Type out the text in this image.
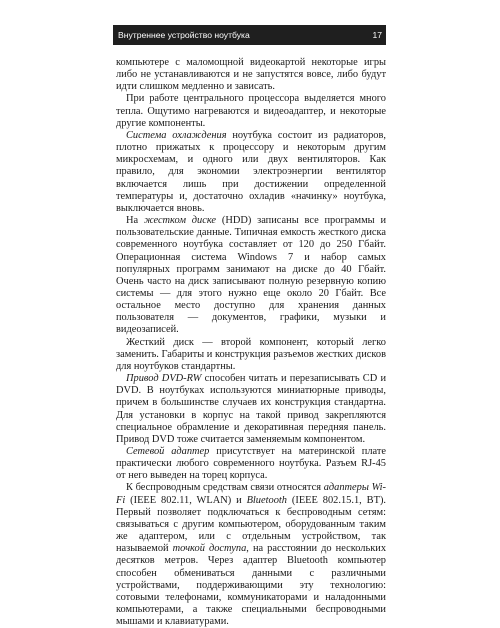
Внутреннее устройство ноутбука	17

компьютере с маломощной видеокартой некоторые игры либо не устанавливаются и не запустятся вовсе, либо будут идти слишком медленно и зависать.

При работе центрального процессора выделяется много тепла. Ощутимо нагреваются и видеоадаптер, и некоторые другие компоненты.

Система охлаждения ноутбука состоит из радиаторов, плотно прижатых к процессору и некоторым другим микросхемам, и одного или двух вентиляторов. Как правило, для экономии электроэнергии вентилятор включается лишь при достижении определенной температуры и, достаточно охладив «начинку» ноутбука, выключается вновь.

На жестком диске (HDD) записаны все программы и пользовательские данные. Типичная емкость жесткого диска современного ноутбука составляет от 120 до 250 Гбайт. Операционная система Windows 7 и набор самых популярных программ занимают на диске до 40 Гбайт. Очень часто на диск записывают полную резервную копию системы — для этого нужно еще около 20 Гбайт. Все остальное место доступно для хранения данных пользователя — документов, графики, музыки и видеозаписей.

Жесткий диск — второй компонент, который легко заменить. Габариты и конструкция разъемов жестких дисков для ноутбуков стандартны.

Привод DVD-RW способен читать и перезаписывать CD и DVD. В ноутбуках используются миниатюрные приводы, причем в большинстве случаев их конструкция стандартна. Для установки в корпус на такой привод закрепляются специальное обрамление и декоративная передняя панель. Привод DVD тоже считается заменяемым компонентом.

Сетевой адаптер присутствует на материнской плате практически любого современного ноутбука. Разъем RJ-45 от него выведен на торец корпуса.

К беспроводным средствам связи относятся адаптеры Wi-Fi (IEEE 802.11, WLAN) и Bluetooth (IEEE 802.15.1, BT). Первый позволяет подключаться к беспроводным сетям: связываться с другим компьютером, оборудованным таким же адаптером, или с отдельным устройством, так называемой точкой доступа, на расстоянии до нескольких десятков метров. Через адаптер Bluetooth компьютер способен обмениваться данными с различными устройствами, поддерживающими эту технологию: сотовыми телефонами, коммуникаторами и наладонными компьютерами, а также специальными беспроводными мышами и клавиатурами.
